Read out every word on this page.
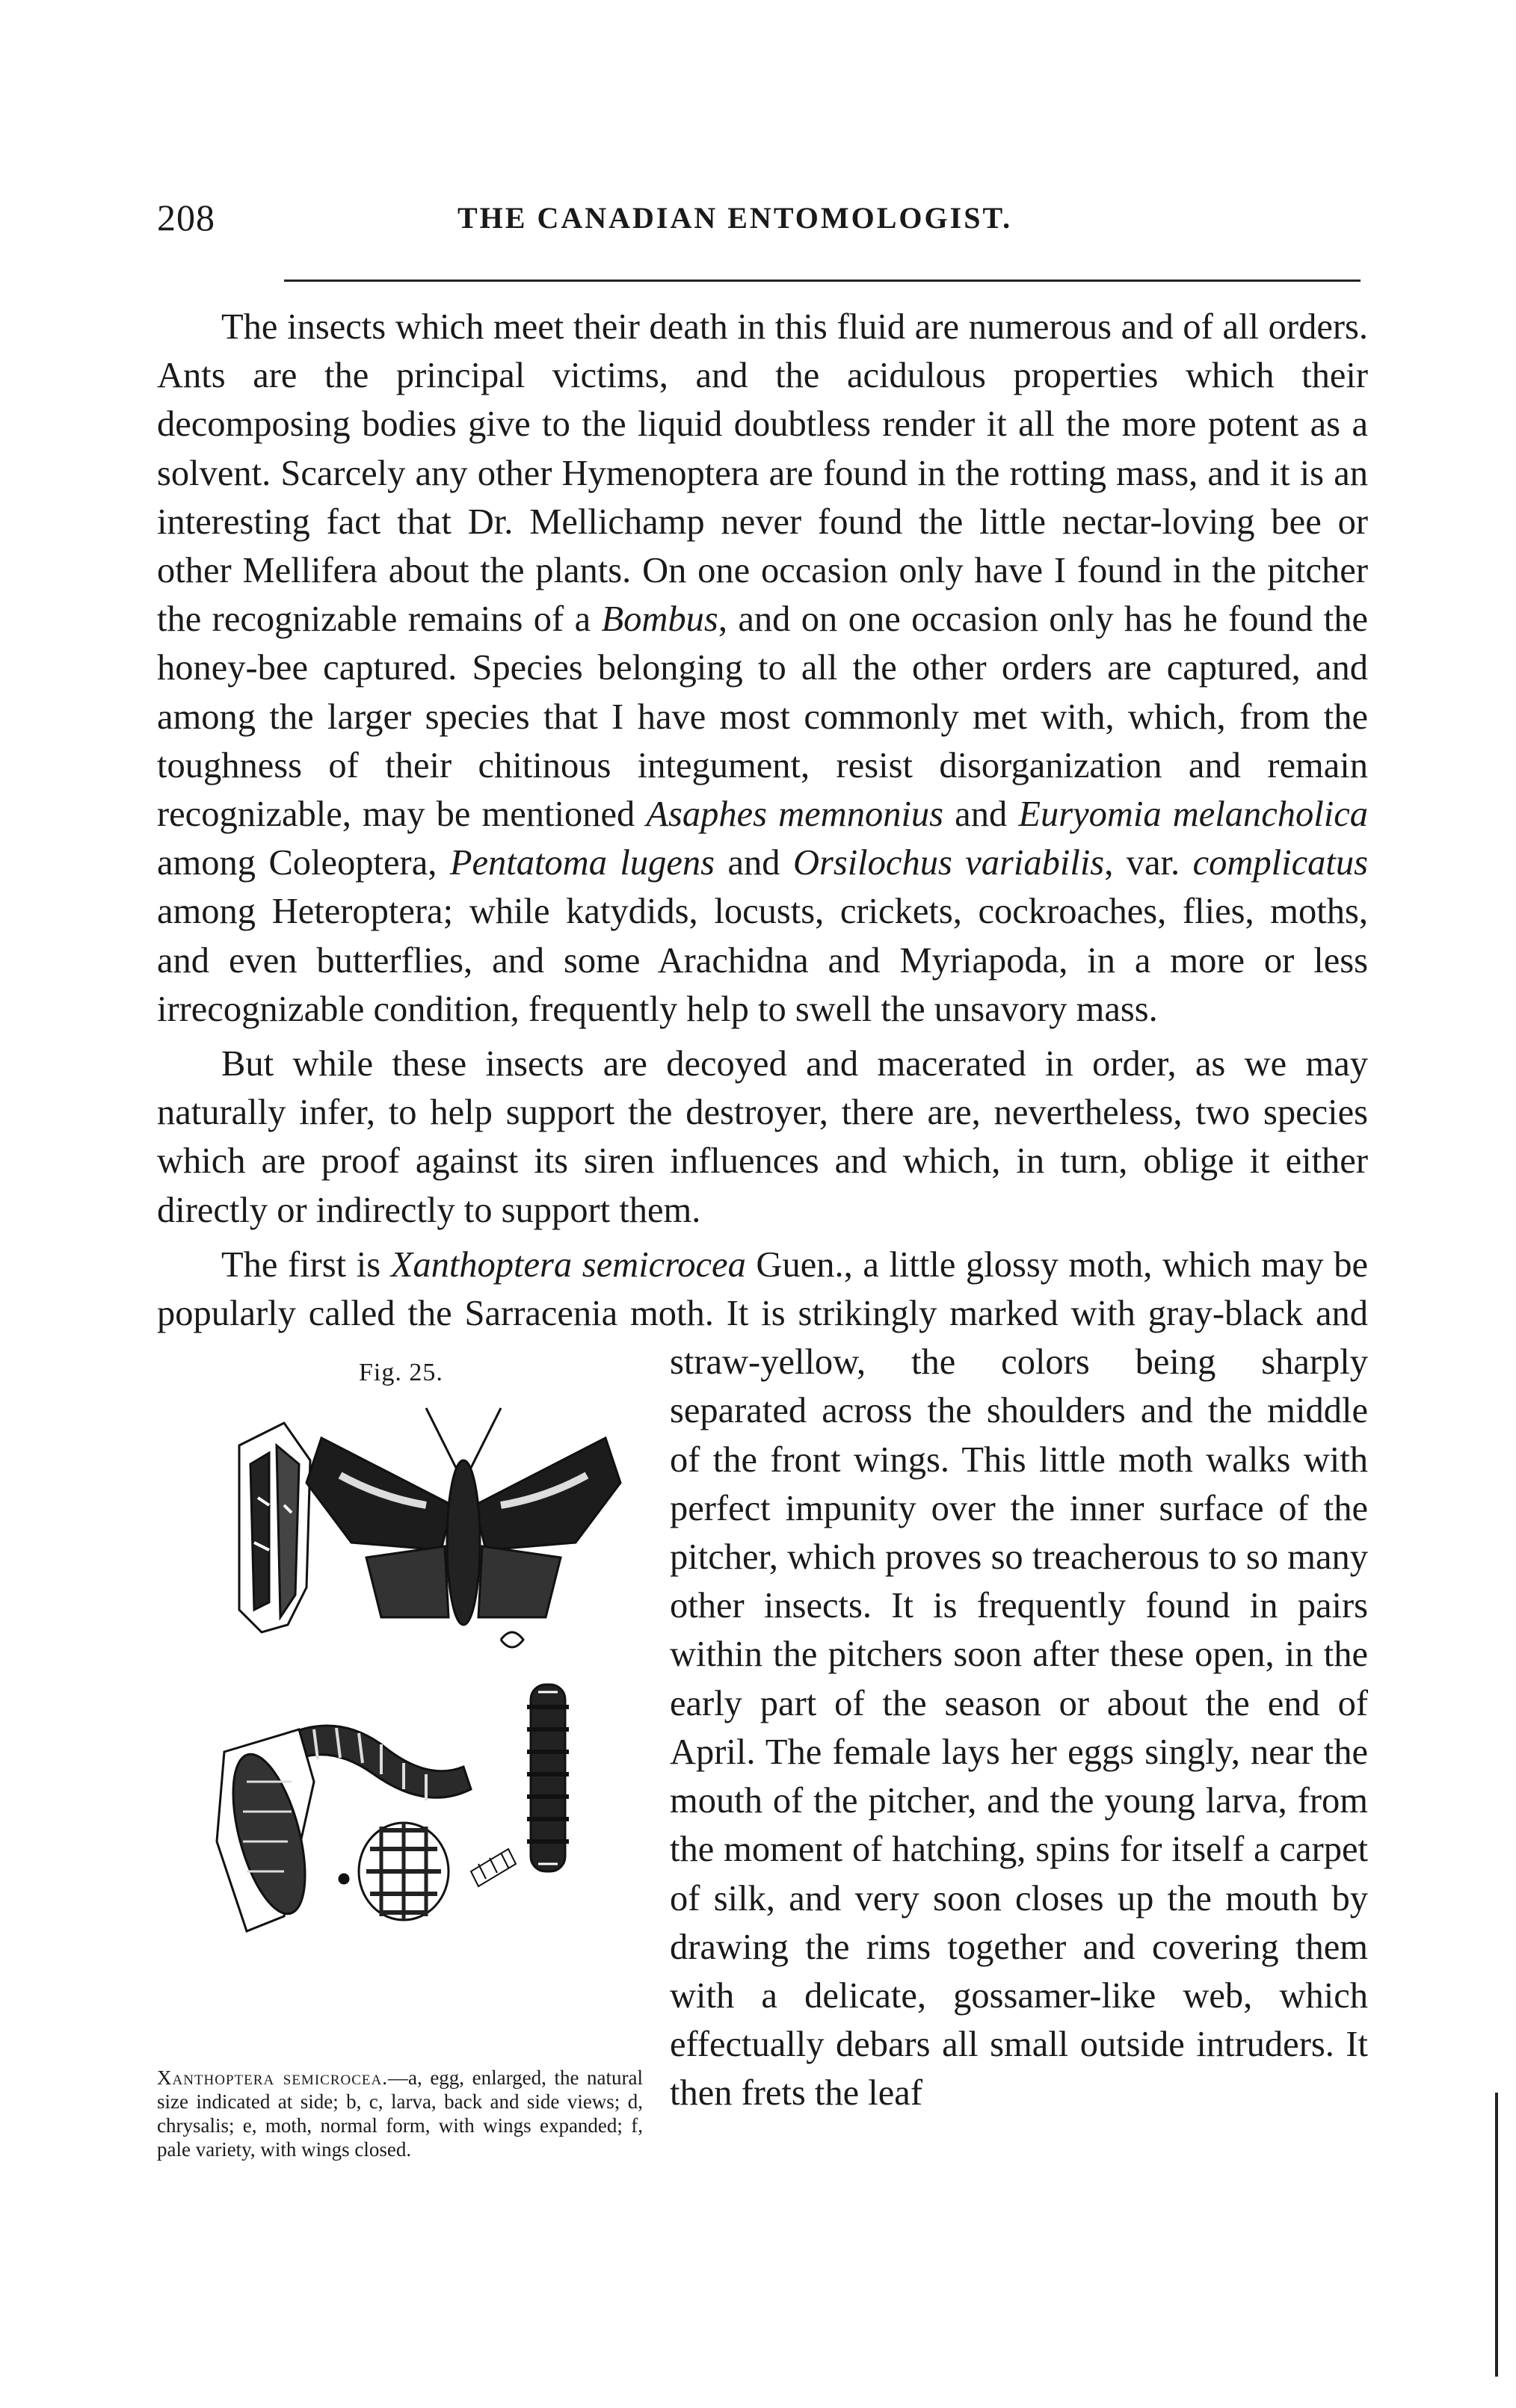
208	THE CANADIAN ENTOMOLOGIST.

The insects which meet their death in this fluid are numerous and of all orders. Ants are the principal victims, and the acidulous properties which their decomposing bodies give to the liquid doubtless render it all the more potent as a solvent. Scarcely any other Hymenoptera are found in the rotting mass, and it is an interesting fact that Dr. Mellichamp never found the little nectar-loving bee or other Mellifera about the plants. On one occasion only have I found in the pitcher the recognizable remains of a Bombus, and on one occasion only has he found the honey-bee captured. Species belonging to all the other orders are captured, and among the larger species that I have most commonly met with, which, from the toughness of their chitinous integument, resist disorganization and remain recognizable, may be mentioned Asaphes memnonius and Euryomia melancholica among Coleoptera, Pentatoma lugens and Orsilochus variabilis, var. complicatus among Heteroptera; while katydids, locusts, crickets, cockroaches, flies, moths, and even butterflies, and some Arachidna and Myriapoda, in a more or less irrecognizable condition, frequently help to swell the unsavory mass.

But while these insects are decoyed and macerated in order, as we may naturally infer, to help support the destroyer, there are, nevertheless, two species which are proof against its siren influences and which, in turn, oblige it either directly or indirectly to support them.

The first is Xanthoptera semicrocea Guen., a little glossy moth, which may be popularly called the Sarracenia moth. It is strikingly marked
Fig. 25.
Xanthoptera semicrocea.—a, egg, enlarged, the natural size indicated at side; b, c, larva, back and side views; d, chrysalis; e, moth, normal form, with wings expanded; f, pale variety, with wings closed.
with gray-black and straw-yellow, the colors being sharply separated across the shoulders and the middle of the front wings. This little moth walks with perfect impunity over the inner surface of the pitcher, which proves so treacherous to so many other insects. It is frequently found in pairs within the pitchers soon after these open, in the early part of the season or about the end of April. The female lays her eggs singly, near the mouth of the pitcher, and the young larva, from the moment of hatching, spins for itself a carpet of silk, and very soon closes up the mouth by drawing the rims together and covering them with a delicate, gossamer-like web, which effectually debars all small outside intruders. It then frets the leaf
